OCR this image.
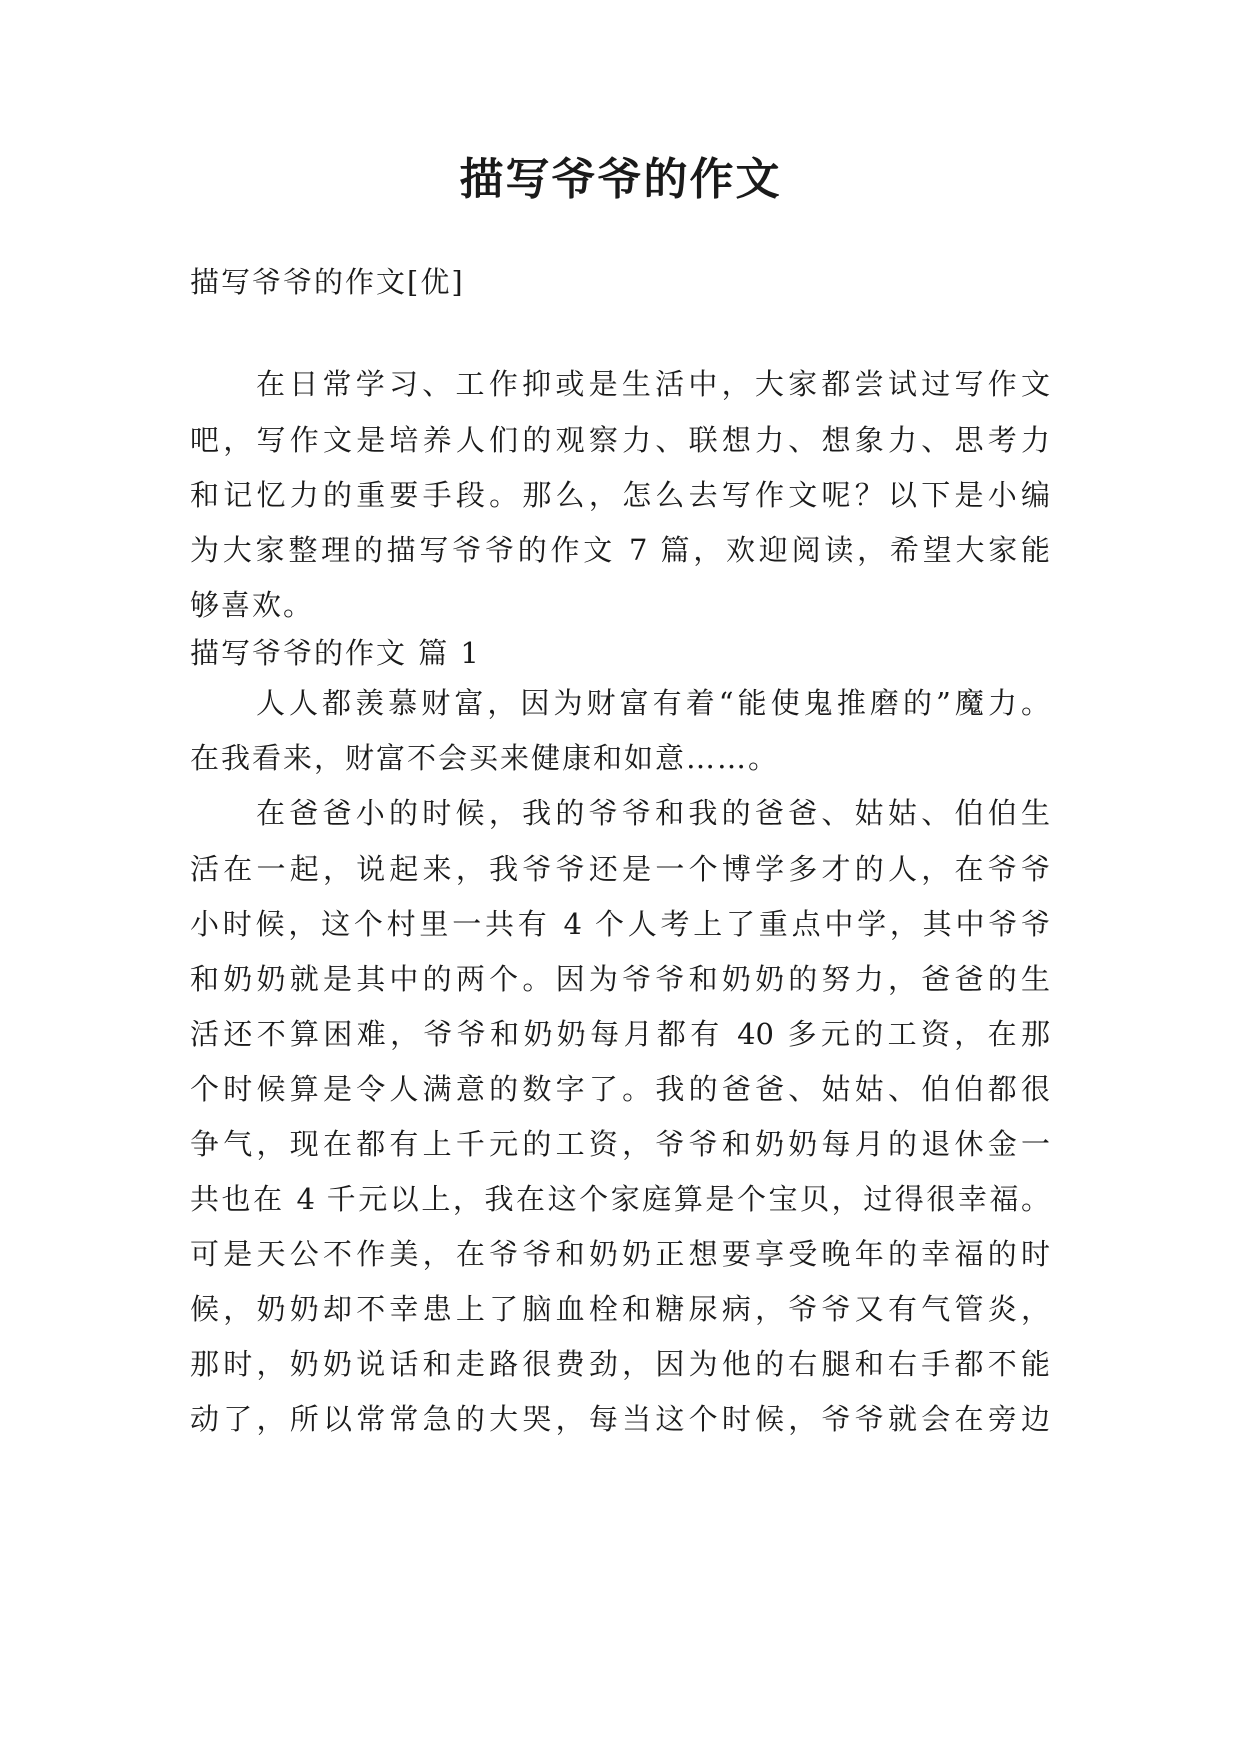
描写爷爷的作文

描写爷爷的作文[优]

在日常学习、工作抑或是生活中，大家都尝试过写作文

吧，写作文是培养人们的观察力、联想力、想象力、思考力

和记忆力的重要手段。那么，怎么去写作文呢？以下是小编

为大家整理的描写爷爷的作文 7 篇，欢迎阅读，希望大家能

够喜欢。

描写爷爷的作文 篇 1

人人都羡慕财富，因为财富有着“能使鬼推磨的”魔力。

在我看来，财富不会买来健康和如意……。

在爸爸小的时候，我的爷爷和我的爸爸、姑姑、伯伯生

活在一起，说起来，我爷爷还是一个博学多才的人，在爷爷

小时候，这个村里一共有 4 个人考上了重点中学，其中爷爷

和奶奶就是其中的两个。因为爷爷和奶奶的努力，爸爸的生

活还不算困难，爷爷和奶奶每月都有 40 多元的工资，在那

个时候算是令人满意的数字了。我的爸爸、姑姑、伯伯都很

争气，现在都有上千元的工资，爷爷和奶奶每月的退休金一

共也在 4 千元以上，我在这个家庭算是个宝贝，过得很幸福。

可是天公不作美，在爷爷和奶奶正想要享受晚年的幸福的时

候，奶奶却不幸患上了脑血栓和糖尿病，爷爷又有气管炎，

那时，奶奶说话和走路很费劲，因为他的右腿和右手都不能

动了，所以常常急的大哭，每当这个时候，爷爷就会在旁边
